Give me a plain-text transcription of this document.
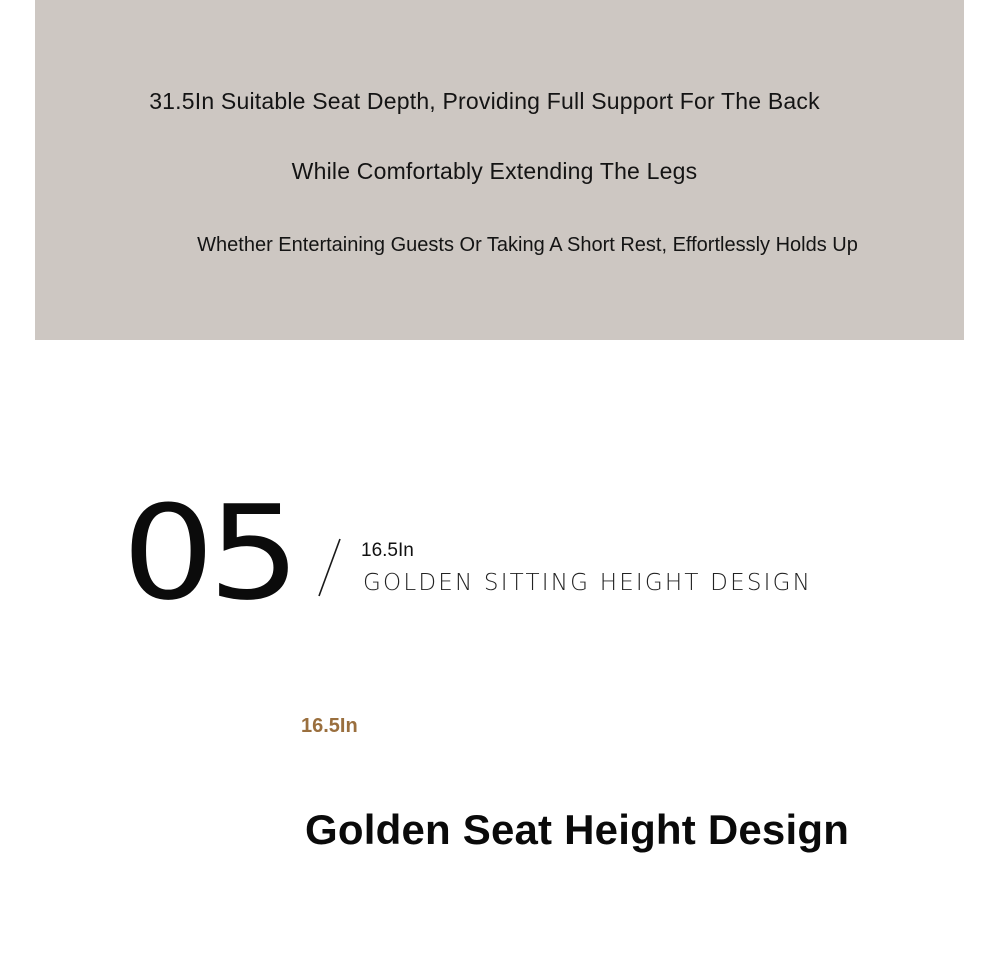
31.5In Suitable Seat Depth, Providing Full Support For The Back
While Comfortably Extending The Legs
Whether Entertaining Guests Or Taking A Short Rest, Effortlessly Holds Up
05	16.5In
GOLDEN SITTING HEIGHT DESIGN
16.5In
Golden Seat Height Design
